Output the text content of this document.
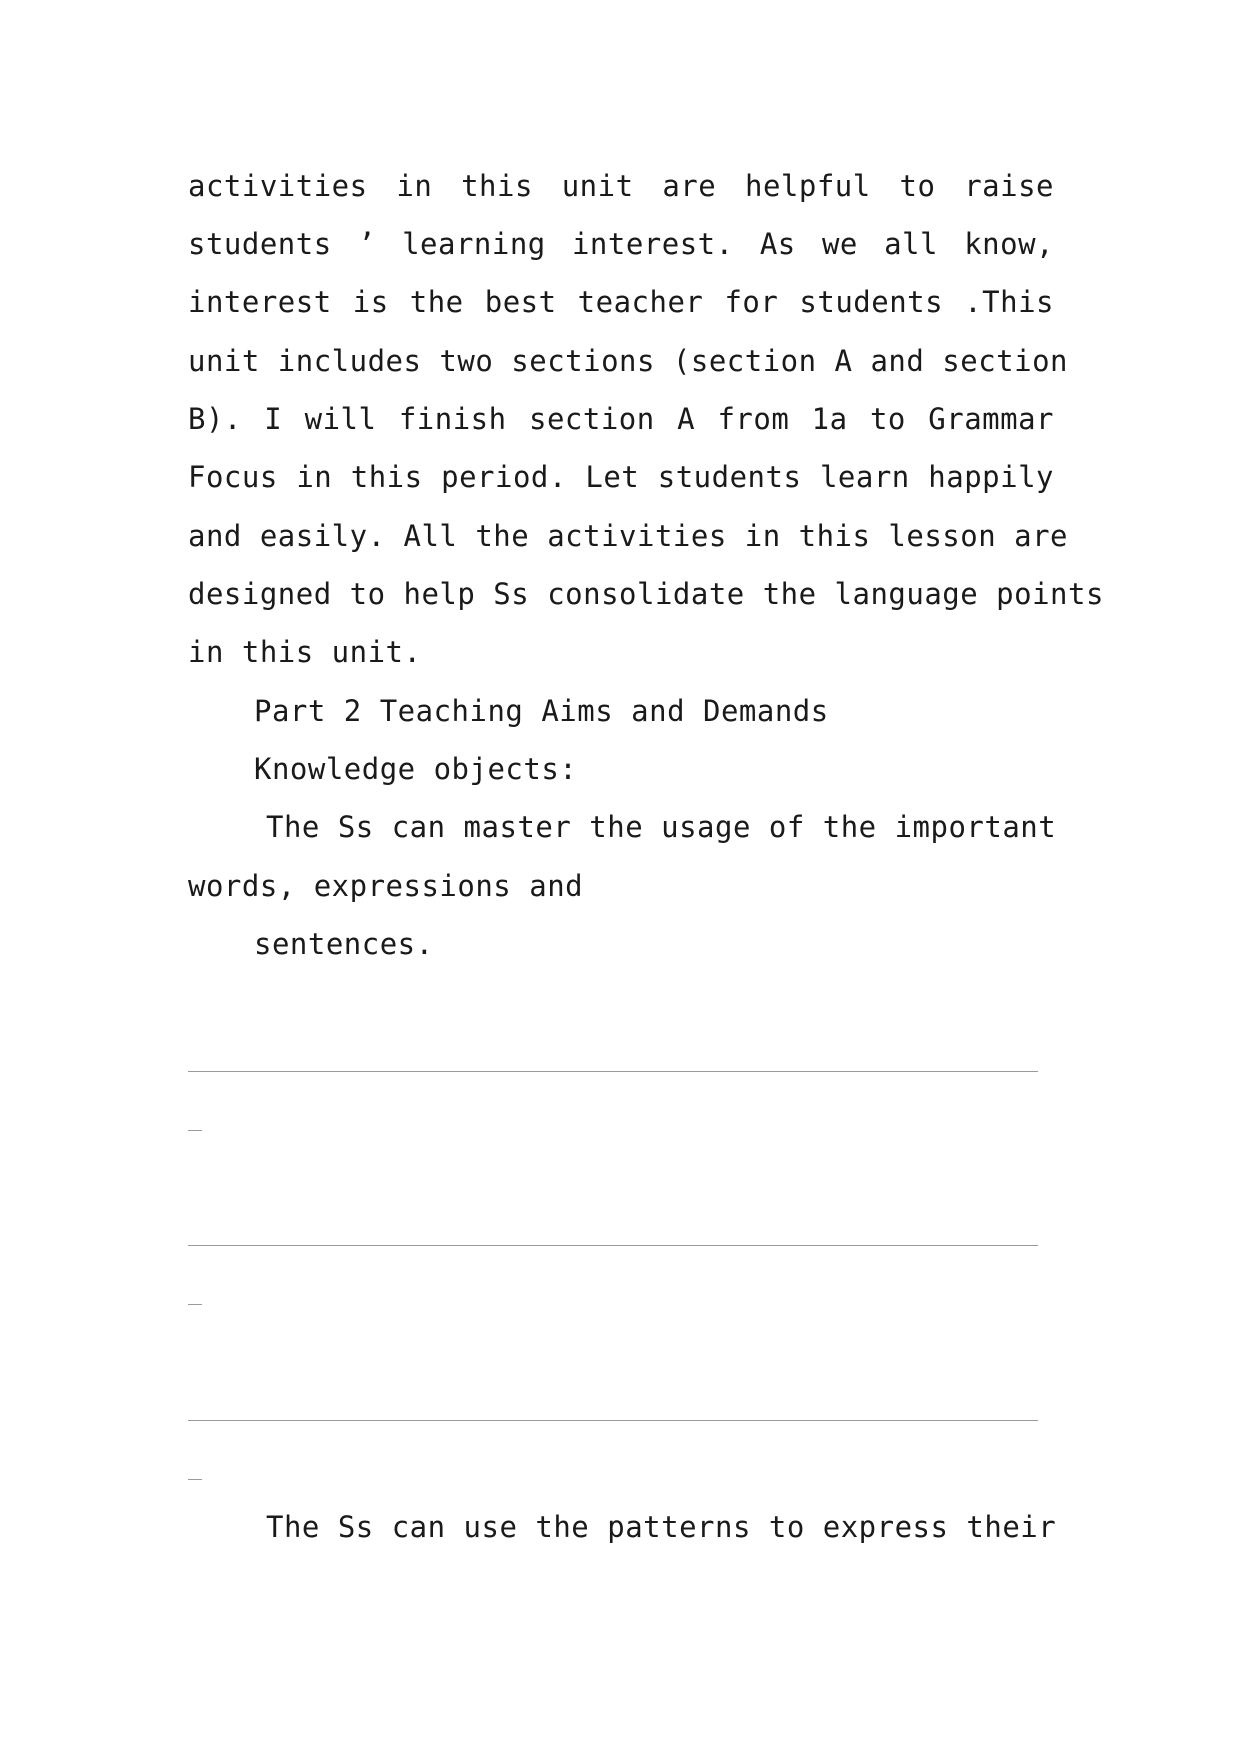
activities in this unit are helpful to raise
students ’ learning interest. As we all know,
interest is the best teacher for students .This
unit includes two sections (section A and section
B). I will finish section A from 1a to Grammar
Focus in this period. Let students learn happily
and easily. All the activities in this lesson are
designed to help Ss consolidate the language points
in this unit.
Part 2 Teaching Aims and Demands
Knowledge objects:
The Ss can master the usage of the important
words, expressions and
sentences.
The Ss can use the patterns to express their
